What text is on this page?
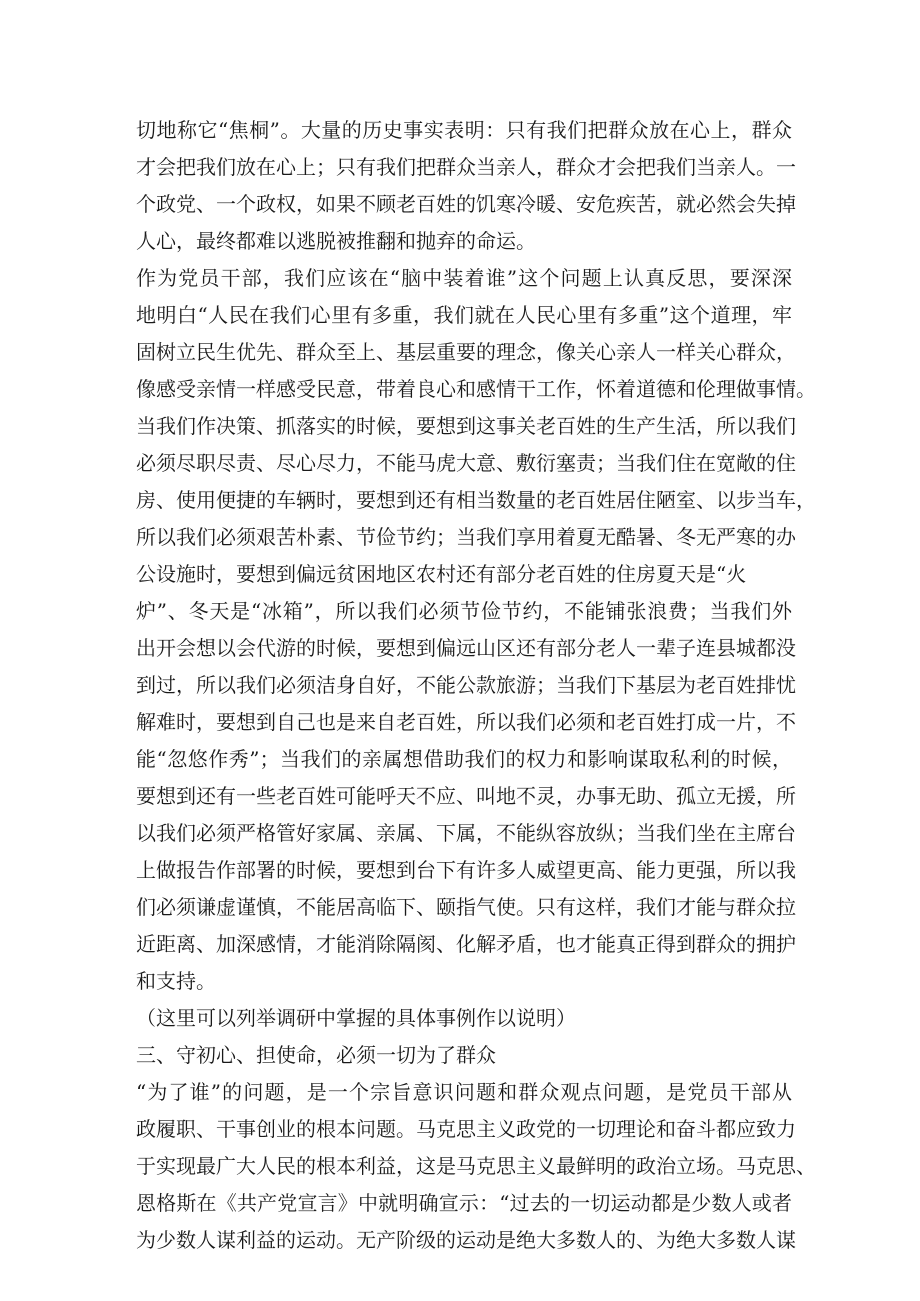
切地称它“焦桐”。大量的历史事实表明：只有我们把群众放在心上，群众
才会把我们放在心上；只有我们把群众当亲人，群众才会把我们当亲人。一
个政党、一个政权，如果不顾老百姓的饥寒冷暖、安危疾苦，就必然会失掉
人心，最终都难以逃脱被推翻和抛弃的命运。
作为党员干部，我们应该在“脑中装着谁”这个问题上认真反思，要深深
地明白“人民在我们心里有多重，我们就在人民心里有多重”这个道理，牢
固树立民生优先、群众至上、基层重要的理念，像关心亲人一样关心群众，
像感受亲情一样感受民意，带着良心和感情干工作，怀着道德和伦理做事情。
当我们作决策、抓落实的时候，要想到这事关老百姓的生产生活，所以我们
必须尽职尽责、尽心尽力，不能马虎大意、敷衍塞责；当我们住在宽敞的住
房、使用便捷的车辆时，要想到还有相当数量的老百姓居住陋室、以步当车，
所以我们必须艰苦朴素、节俭节约；当我们享用着夏无酷暑、冬无严寒的办
公设施时，要想到偏远贫困地区农村还有部分老百姓的住房夏天是“火
炉”、冬天是“冰箱”，所以我们必须节俭节约，不能铺张浪费；当我们外
出开会想以会代游的时候，要想到偏远山区还有部分老人一辈子连县城都没
到过，所以我们必须洁身自好，不能公款旅游；当我们下基层为老百姓排忧
解难时，要想到自己也是来自老百姓，所以我们必须和老百姓打成一片，不
能“忽悠作秀”；当我们的亲属想借助我们的权力和影响谋取私利的时候，
要想到还有一些老百姓可能呼天不应、叫地不灵，办事无助、孤立无援，所
以我们必须严格管好家属、亲属、下属，不能纵容放纵；当我们坐在主席台
上做报告作部署的时候，要想到台下有许多人威望更高、能力更强，所以我
们必须谦虚谨慎，不能居高临下、颐指气使。只有这样，我们才能与群众拉
近距离、加深感情，才能消除隔阂、化解矛盾，也才能真正得到群众的拥护
和支持。
（这里可以列举调研中掌握的具体事例作以说明）
三、守初心、担使命，必须一切为了群众
“为了谁”的问题，是一个宗旨意识问题和群众观点问题，是党员干部从
政履职、干事创业的根本问题。马克思主义政党的一切理论和奋斗都应致力
于实现最广大人民的根本利益，这是马克思主义最鲜明的政治立场。马克思、
恩格斯在《共产党宣言》中就明确宣示：“过去的一切运动都是少数人或者
为少数人谋利益的运动。无产阶级的运动是绝大多数人的、为绝大多数人谋
